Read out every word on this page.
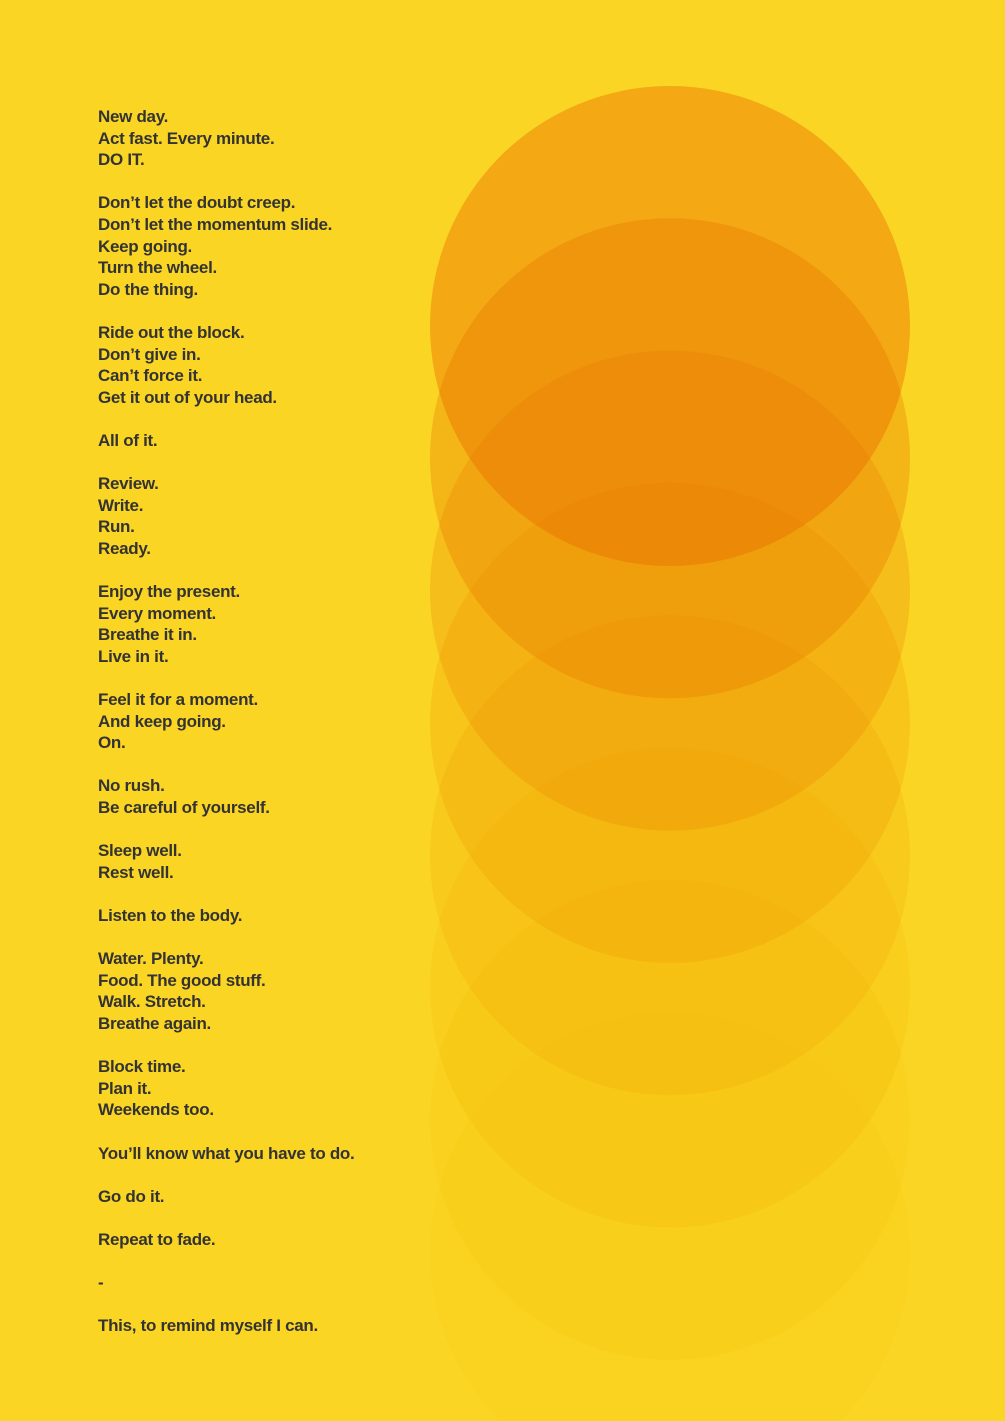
New day.
Act fast. Every minute.
DO IT.
Don’t let the doubt creep.
Don’t let the momentum slide.
Keep going.
Turn the wheel.
Do the thing.
Ride out the block.
Don’t give in.
Can’t force it.
Get it out of your head.
All of it.
Review.
Write.
Run.
Ready.
Enjoy the present.
Every moment.
Breathe it in.
Live in it.
Feel it for a moment.
And keep going.
On.
No rush.
Be careful of yourself.
Sleep well.
Rest well.
Listen to the body.
Water. Plenty.
Food. The good stuff.
Walk. Stretch.
Breathe again.
Block time.
Plan it.
Weekends too.
You’ll know what you have to do.
Go do it.
Repeat to fade.
-
This, to remind myself I can.
